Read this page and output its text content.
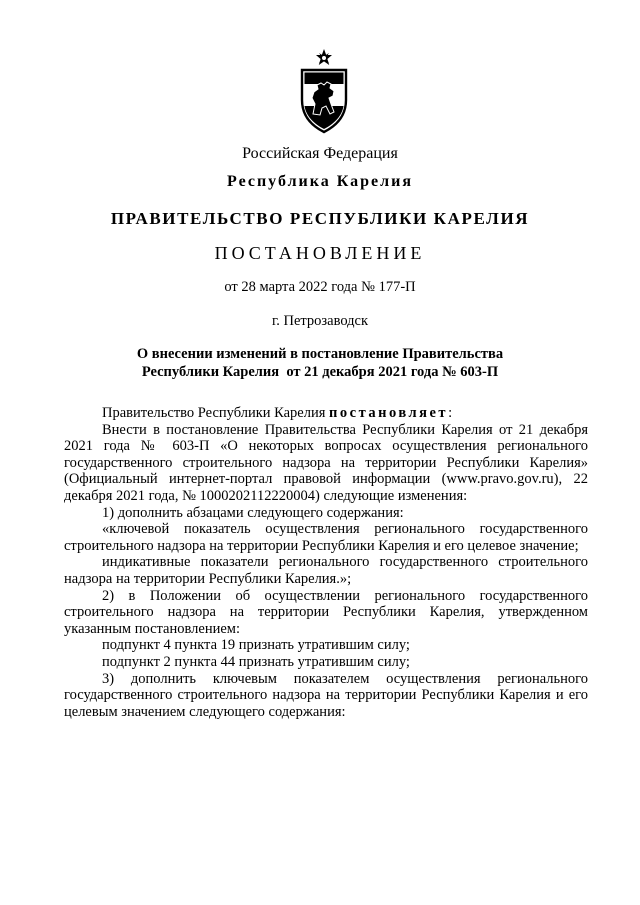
Российская Федерация
Республика Карелия
ПРАВИТЕЛЬСТВО РЕСПУБЛИКИ КАРЕЛИЯ
ПОСТАНОВЛЕНИЕ
от 28 марта 2022 года № 177-П
г. Петрозаводск
О внесении изменений в постановление Правительства
Республики Карелия  от 21 декабря 2021 года № 603-П

Правительство Республики Карелия постановляет:

Внести в постановление Правительства Республики Карелия от 21 декабря 2021 года № 603-П «О некоторых вопросах осуществления регионального государственного строительного надзора на территории Республики Карелия» (Официальный интернет-портал правовой информации (www.pravo.gov.ru), 22 декабря 2021 года, № 1000202112220004) следующие изменения:

1) дополнить абзацами следующего содержания:

«ключевой показатель осуществления регионального государственного строительного надзора на территории Республики Карелия и его целевое значение;

индикативные показатели регионального государственного строительного надзора на территории Республики Карелия.»;

2) в Положении об осуществлении регионального государственного строительного надзора на территории Республики Карелия, утвержденном указанным постановлением:

подпункт 4 пункта 19 признать утратившим силу;

подпункт 2 пункта 44 признать утратившим силу;

3) дополнить ключевым показателем осуществления регионального государственного строительного надзора на территории Республики Карелия и его целевым значением следующего содержания:
